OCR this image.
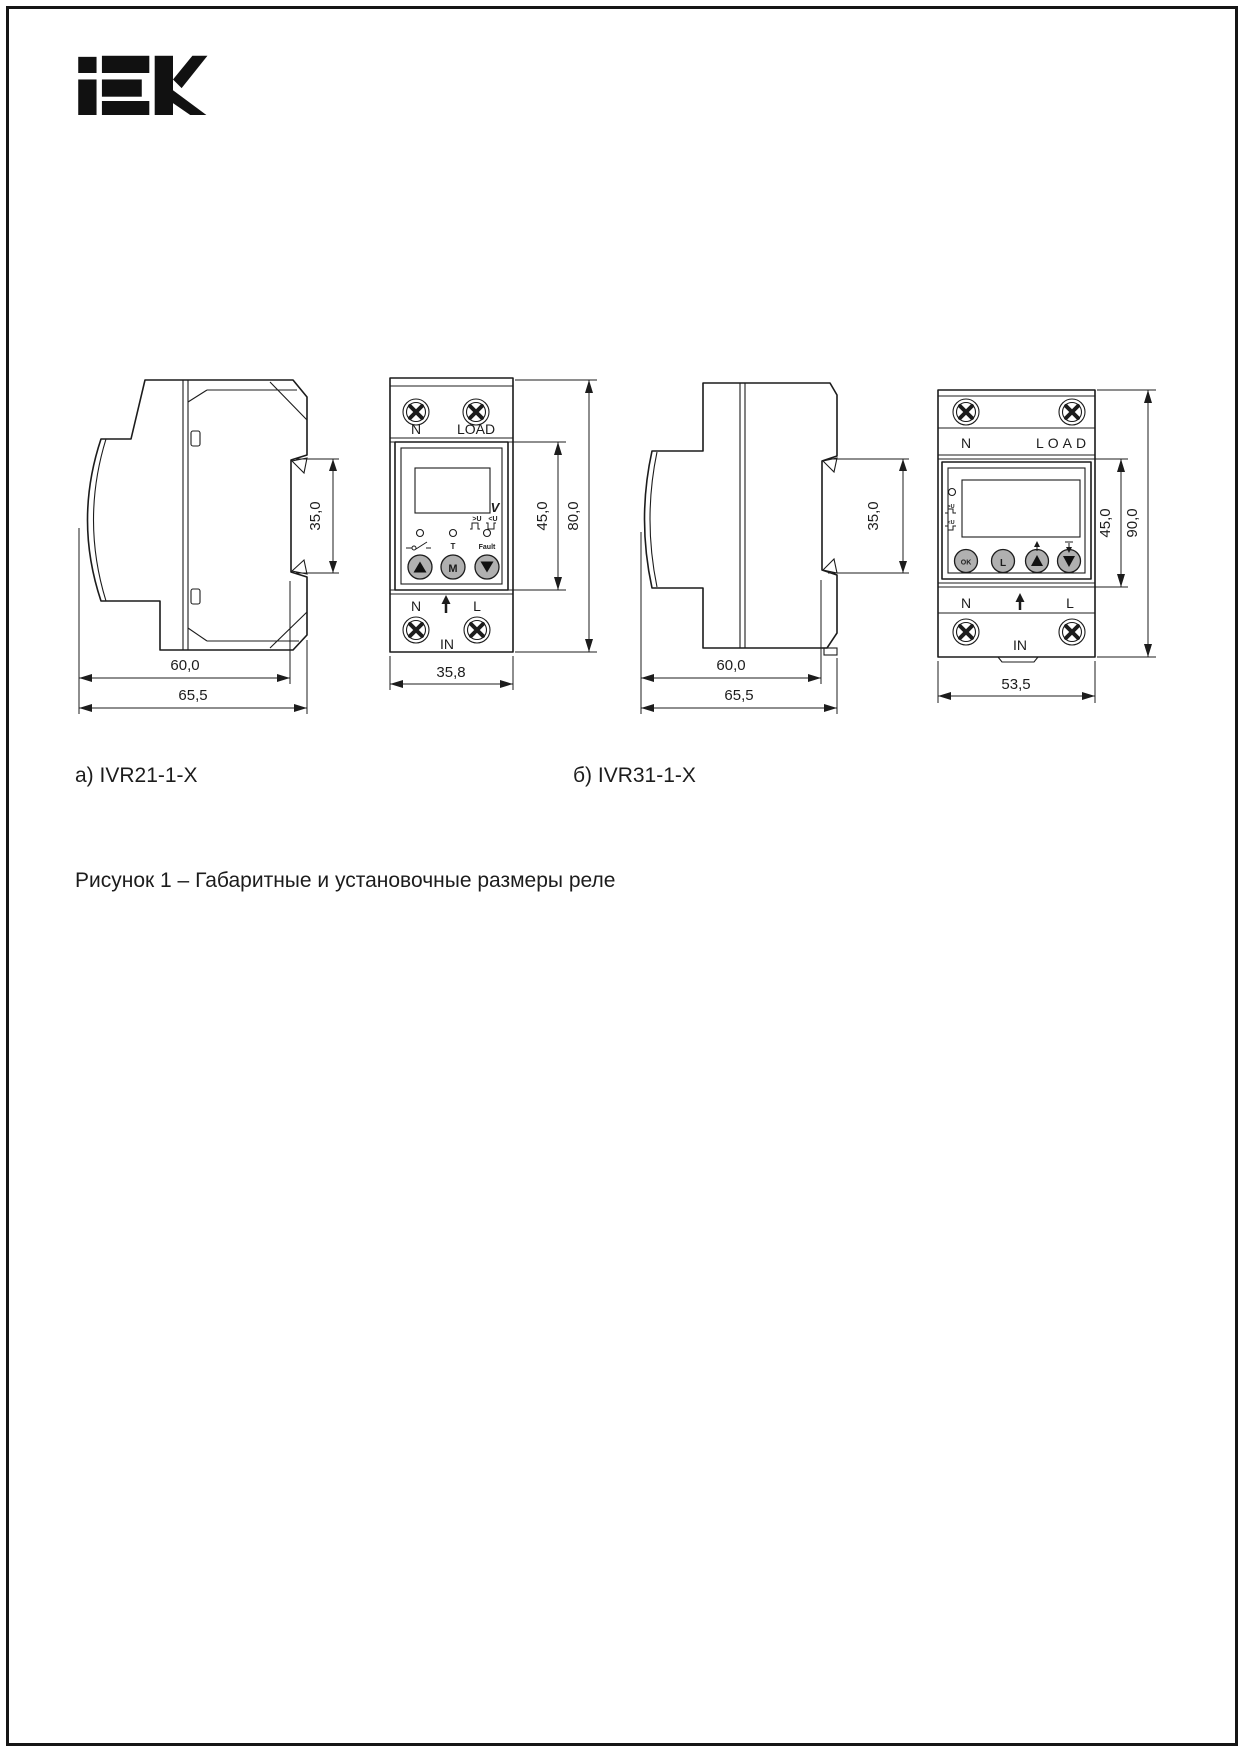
35,0
60,0
65,5
N	LOAD
V
>U <U
T	Fault
M
N	L
IN
45,0 80,0
35,8
35,0
60,0
65,5
N	LOAD
>U
<U
OK	L
N	L
IN
45,0 90,0
53,5
а) IVR21-1-Х	б) IVR31-1-Х
Рисунок 1 – Габаритные и установочные размеры реле
